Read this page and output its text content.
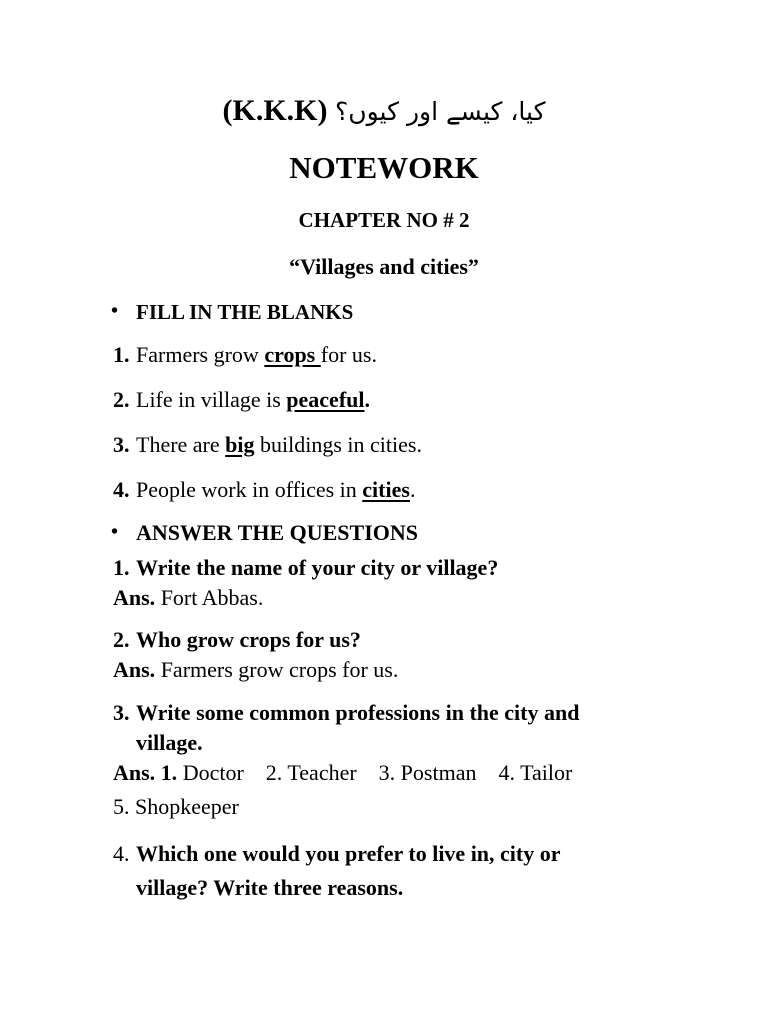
(K.K.K) کیا، کیسے اور کیوں؟
NOTEWORK
CHAPTER NO # 2
“Villages and cities”
• FILL IN THE BLANKS
1. Farmers grow crops for us.
2. Life in village is peaceful.
3. There are big buildings in cities.
4. People work in offices in cities.
• ANSWER THE QUESTIONS
1. Write the name of your city or village?
Ans. Fort Abbas.
2. Who grow crops for us?
Ans. Farmers grow crops for us.
3. Write some common professions in the city and
village.
Ans. 1. Doctor 2. Teacher 3. Postman 4. Tailor
5. Shopkeeper
4. Which one would you prefer to live in, city or
village? Write three reasons.
